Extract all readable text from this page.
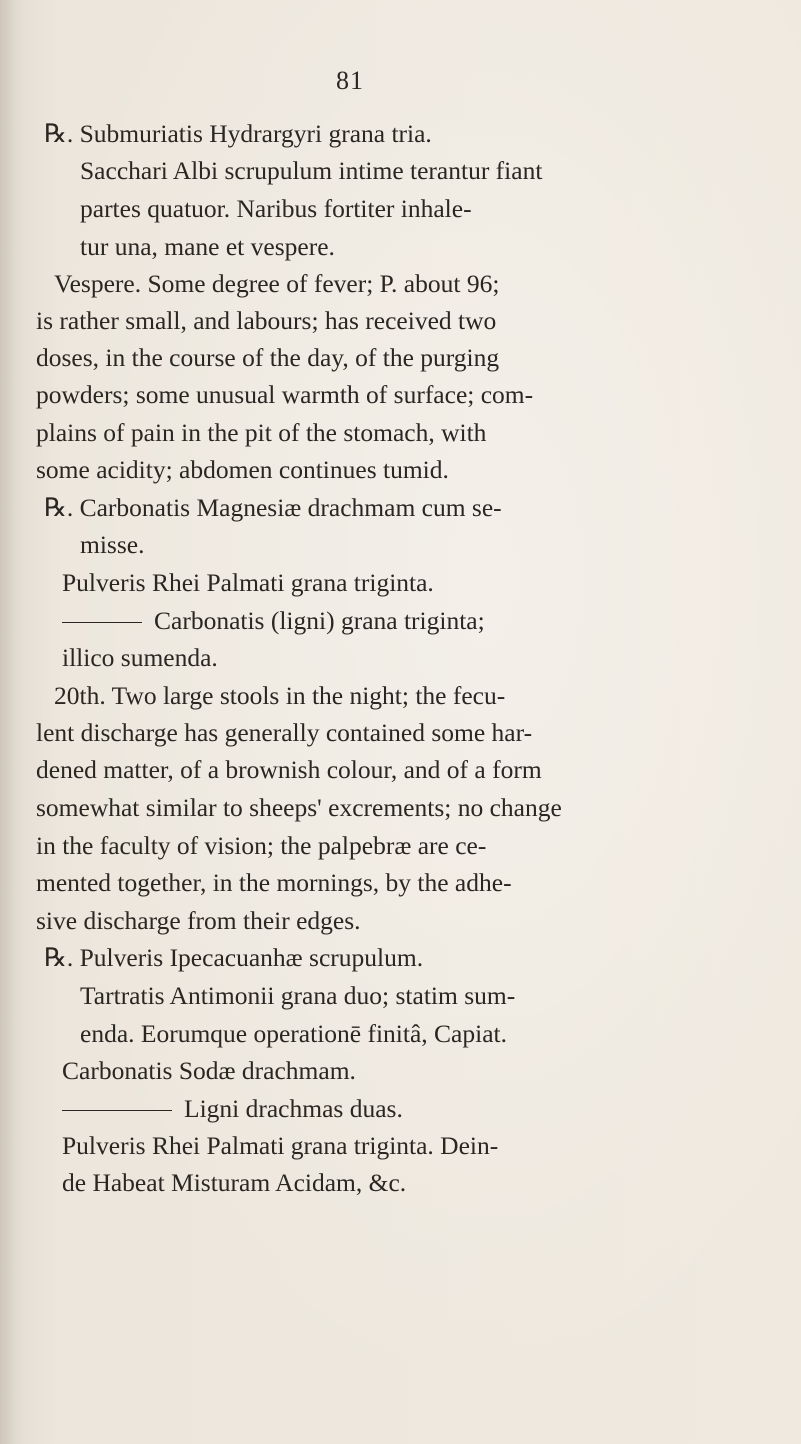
81
℞. Submuriatis Hydrargyri grana tria.
Sacchari Albi scrupulum intime terantur fiant
partes quatuor. Naribus fortiter inhale-
tur una, mane et vespere.
Vespere. Some degree of fever; P. about 96;
is rather small, and labours; has received two
doses, in the course of the day, of the purging
powders; some unusual warmth of surface; com-
plains of pain in the pit of the stomach, with
some acidity; abdomen continues tumid.
℞. Carbonatis Magnesiæ drachmam cum se-
misse.
Pulveris Rhei Palmati grana triginta.
Carbonatis (ligni) grana triginta;
illico sumenda.
20th. Two large stools in the night; the fecu-
lent discharge has generally contained some har-
dened matter, of a brownish colour, and of a form
somewhat similar to sheeps' excrements; no change
in the faculty of vision; the palpebræ are ce-
mented together, in the mornings, by the adhe-
sive discharge from their edges.
℞. Pulveris Ipecacuanhæ scrupulum.
Tartratis Antimonii grana duo; statim sum-
enda. Eorumque operationē finitâ, Capiat.
Carbonatis Sodæ drachmam.
Ligni drachmas duas.
Pulveris Rhei Palmati grana triginta. Dein-
de Habeat Misturam Acidam, &c.
